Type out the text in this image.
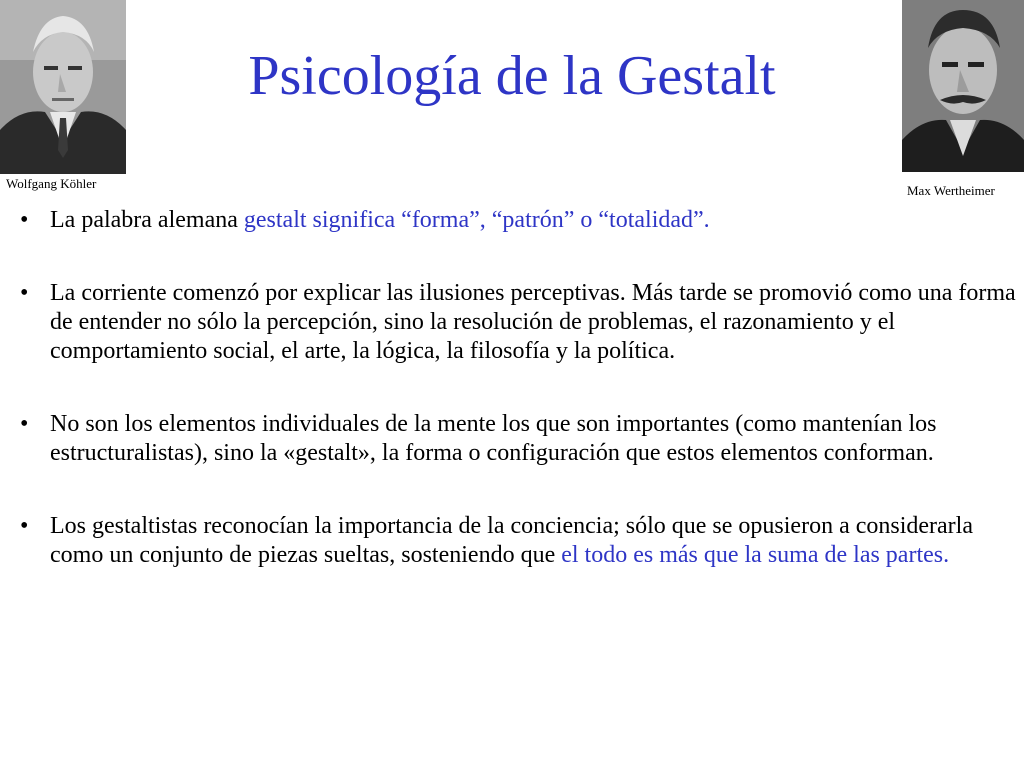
Wolfgang Köhler	Max Wertheimer
Psicología de la Gestalt
• La palabra alemana gestalt significa “forma”, “patrón” o “totalidad”.
• La corriente comenzó por explicar las ilusiones perceptivas. Más tarde se promovió como una forma de entender no sólo la percepción, sino la resolución de problemas, el razonamiento y el comportamiento social, el arte, la lógica, la filosofía y la política.
• No son los elementos individuales de la mente los que son importantes (como mantenían los estructuralistas), sino la «gestalt», la forma o configuración que estos elementos conforman.
• Los gestaltistas reconocían la importancia de la conciencia; sólo que se opusieron a considerarla como un conjunto de piezas sueltas, sosteniendo que el todo es más que la suma de las partes.
